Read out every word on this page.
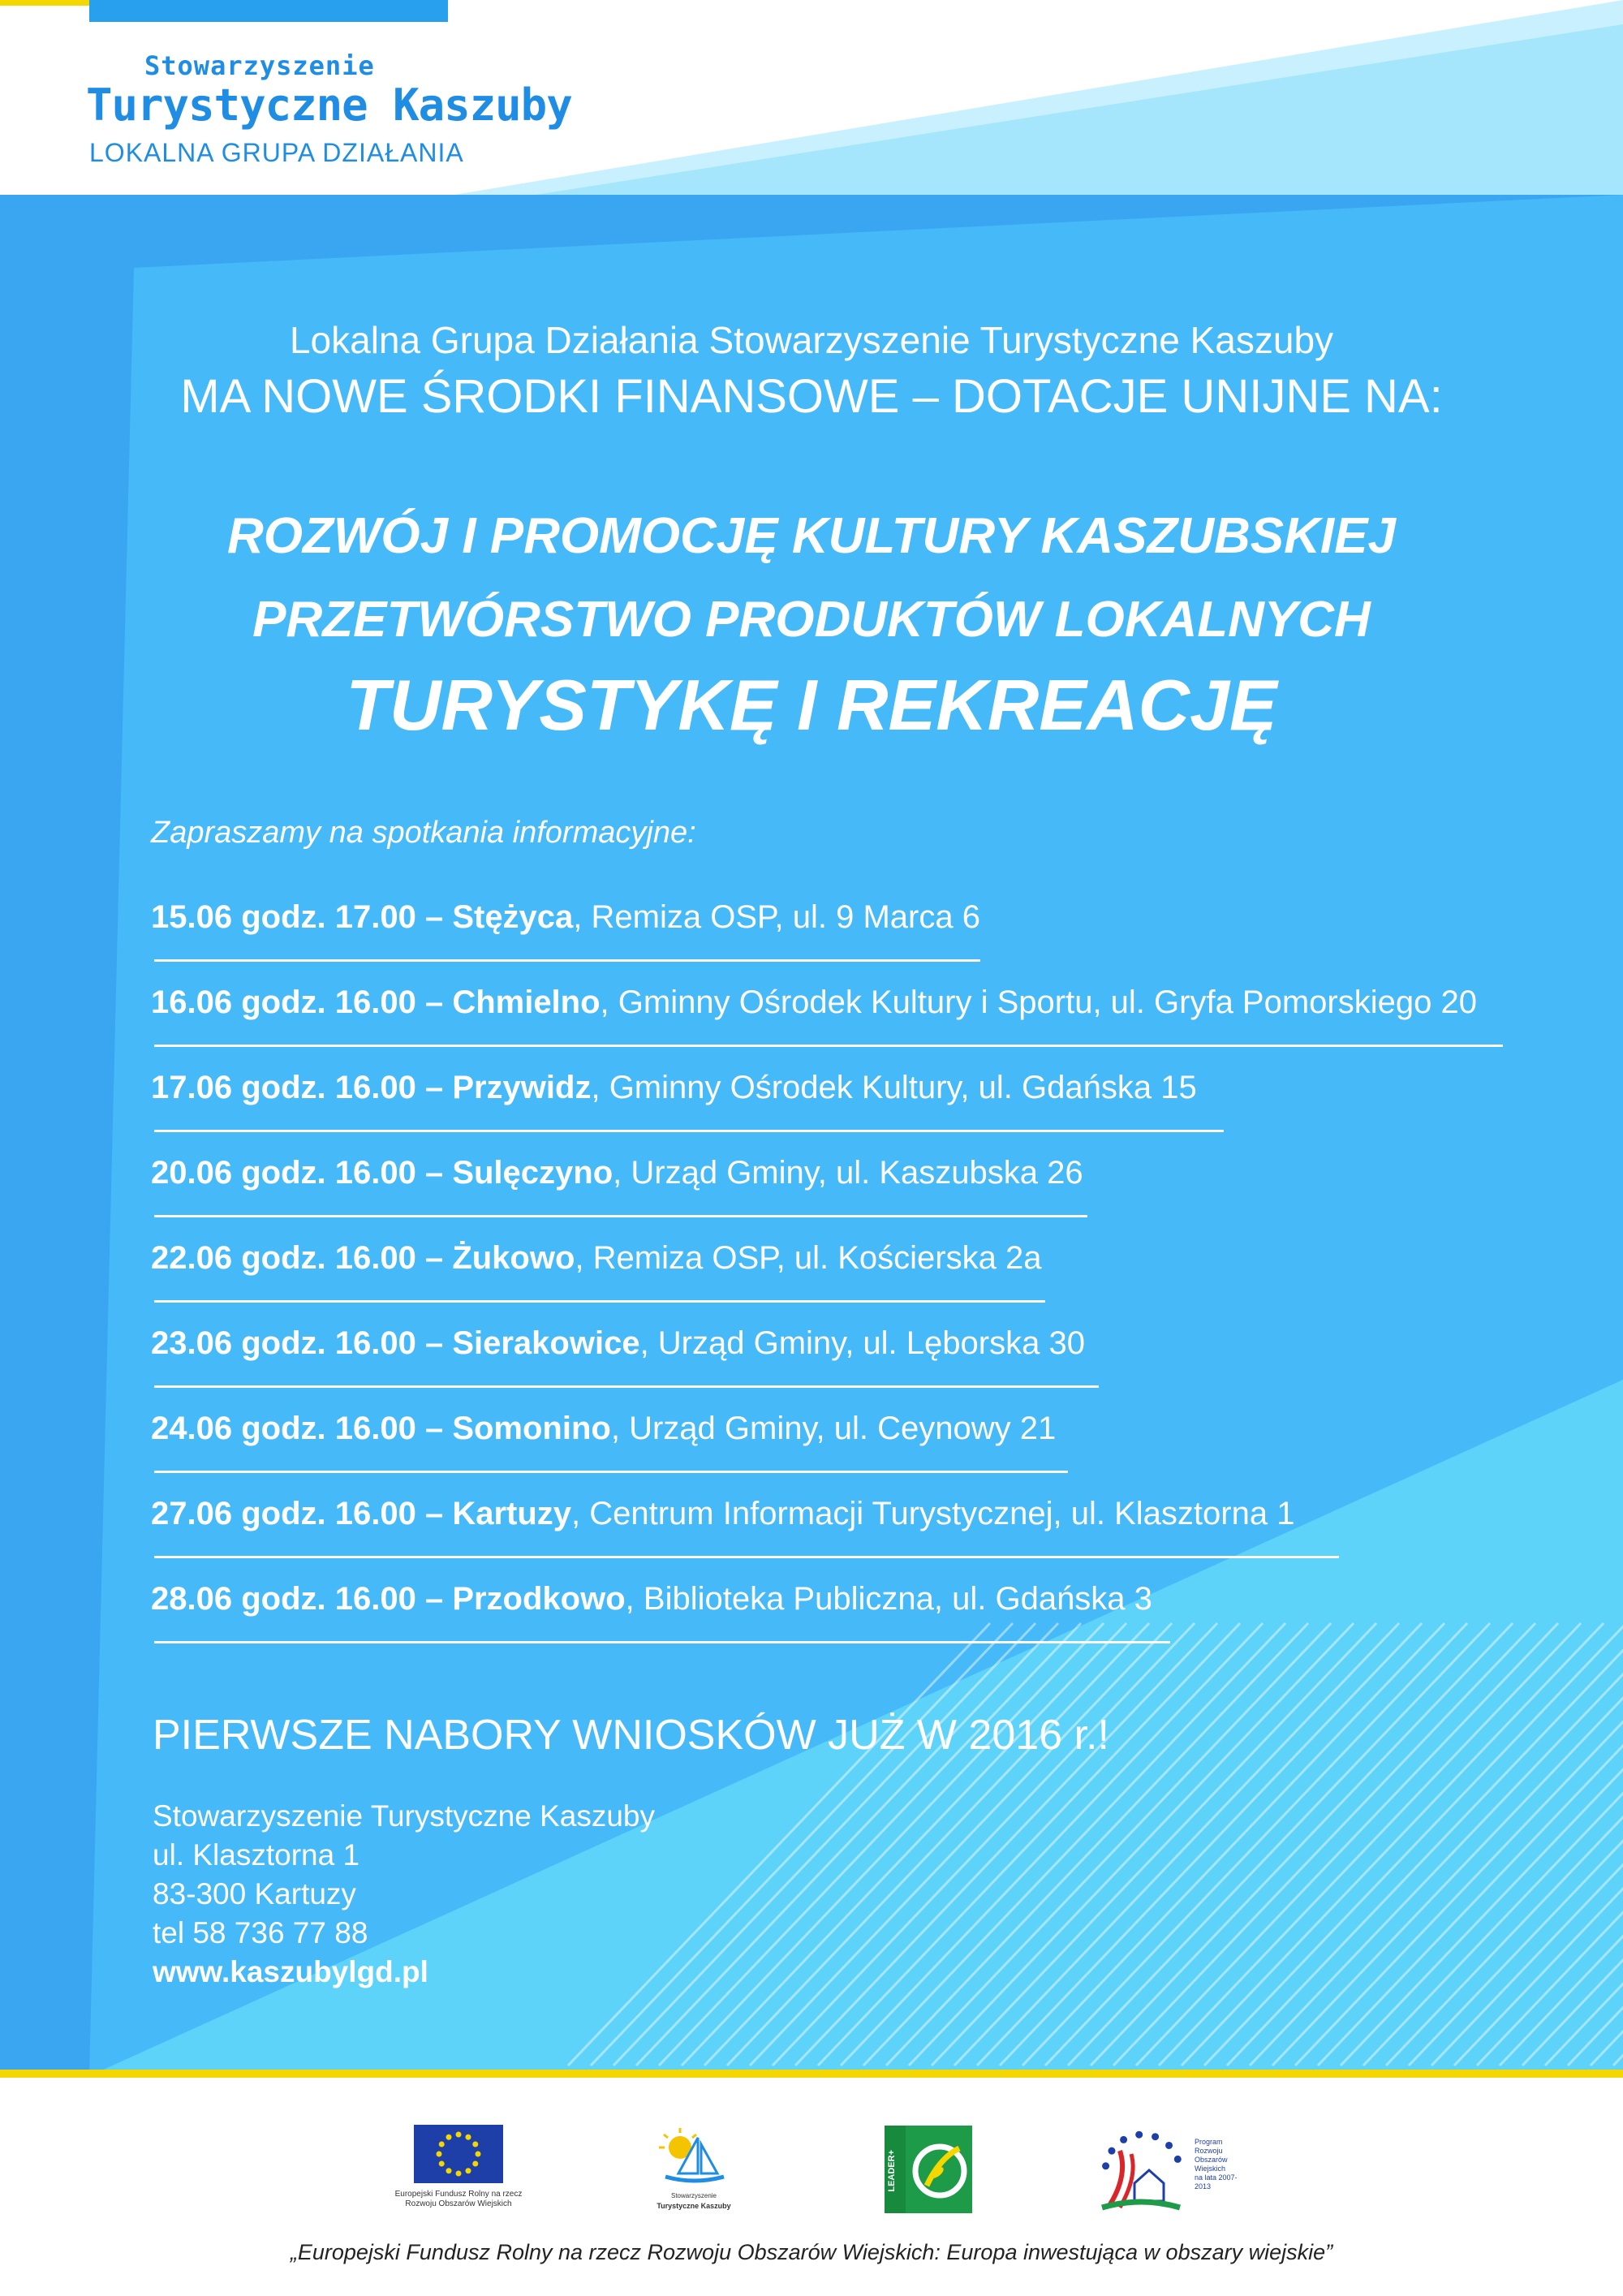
Stowarzyszenie
Turystyczne Kaszuby
LOKALNA GRUPA DZIAŁANIA
Lokalna Grupa Działania Stowarzyszenie Turystyczne Kaszuby
MA NOWE ŚRODKI FINANSOWE – DOTACJE UNIJNE NA:
ROZWÓJ I PROMOCJĘ KULTURY KASZUBSKIEJ
PRZETWÓRSTWO PRODUKTÓW LOKALNYCH
TURYSTYKĘ I REKREACJĘ
Zapraszamy na spotkania informacyjne:
15.06 godz. 17.00 – Stężyca, Remiza OSP, ul. 9 Marca 6
16.06 godz. 16.00 – Chmielno, Gminny Ośrodek Kultury i Sportu, ul. Gryfa Pomorskiego 20
17.06 godz. 16.00 – Przywidz, Gminny Ośrodek Kultury, ul. Gdańska 15
20.06 godz. 16.00 – Sulęczyno, Urząd Gminy, ul. Kaszubska 26
22.06 godz. 16.00 – Żukowo, Remiza OSP, ul. Kościerska 2a
23.06 godz. 16.00 – Sierakowice, Urząd Gminy, ul. Lęborska 30
24.06 godz. 16.00 – Somonino, Urząd Gminy, ul. Ceynowy 21
27.06 godz. 16.00 – Kartuzy, Centrum Informacji Turystycznej, ul. Klasztorna 1
28.06 godz. 16.00 – Przodkowo, Biblioteka Publiczna, ul. Gdańska 3
PIERWSZE NABORY WNIOSKÓW JUŻ W 2016 r.!
Stowarzyszenie Turystyczne Kaszuby
ul. Klasztorna 1
83-300 Kartuzy
tel 58 736 77 88
www.kaszubylgd.pl
Europejski Fundusz Rolny na rzecz
Rozwoju Obszarów Wiejskich
Stowarzyszenie
Turystyczne Kaszuby
LEADER+
Program
Rozwoju
Obszarów
Wiejskich
na lata 2007-2013
„Europejski Fundusz Rolny na rzecz Rozwoju Obszarów Wiejskich: Europa inwestująca w obszary wiejskie”
